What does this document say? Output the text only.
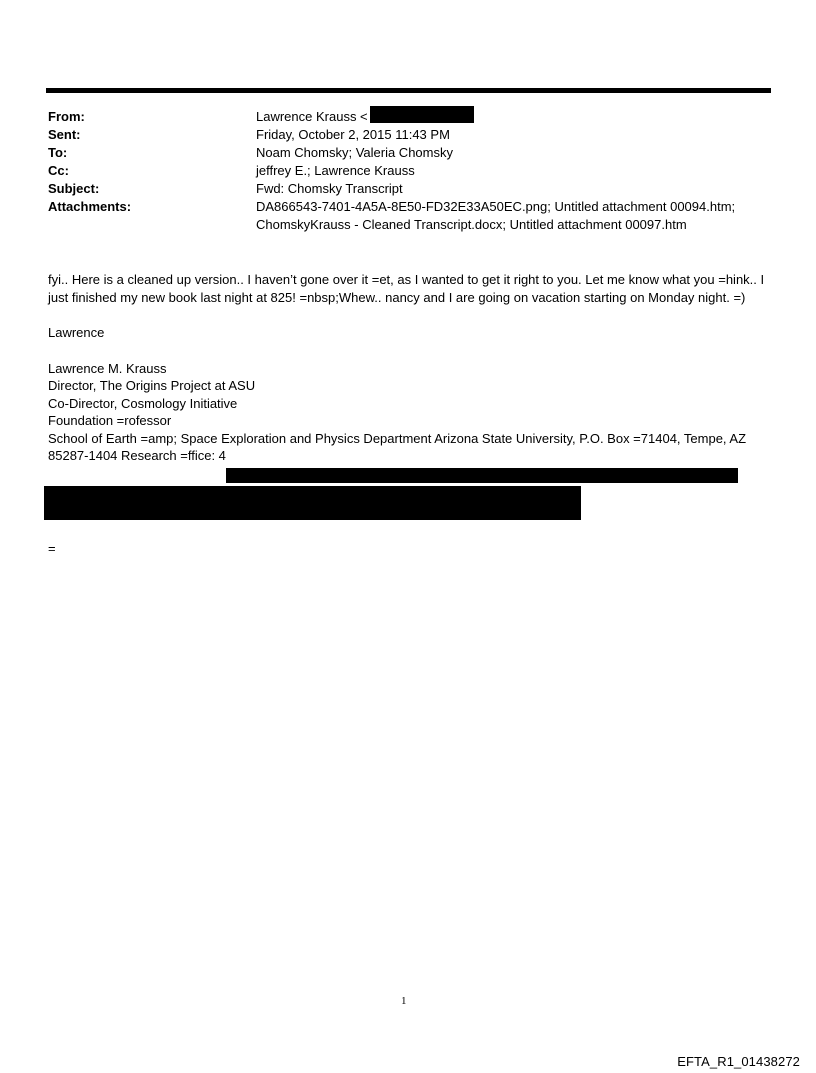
From:	Lawrence Krauss <
Sent:	Friday, October 2, 2015 11:43 PM
To:	Noam Chomsky; Valeria Chomsky
Cc:	jeffrey E.; Lawrence Krauss
Subject:	Fwd: Chomsky Transcript
Attachments:	DA866543-7401-4A5A-8E50-FD32E33A50EC.png; Untitled attachment 00094.htm;
ChomskyKrauss - Cleaned Transcript.docx; Untitled attachment 00097.htm

fyi.. Here is a cleaned up version.. I haven’t gone over it =et, as I wanted to get it right to you. Let me know what you =hink.. I just finished my new book last night at 825! =nbsp;Whew.. nancy and I are going on vacation starting on Monday night. =)

Lawrence

Lawrence M. Krauss

Director, The Origins Project at ASU

Co-Director, Cosmology Initiative

Foundation =rofessor

School of Earth =amp; Space Exploration and Physics Department Arizona State University, P.O. Box =71404, Tempe, AZ 85287-1404 Research =ffice: 4

=
1
EFTA_R1_01438272
